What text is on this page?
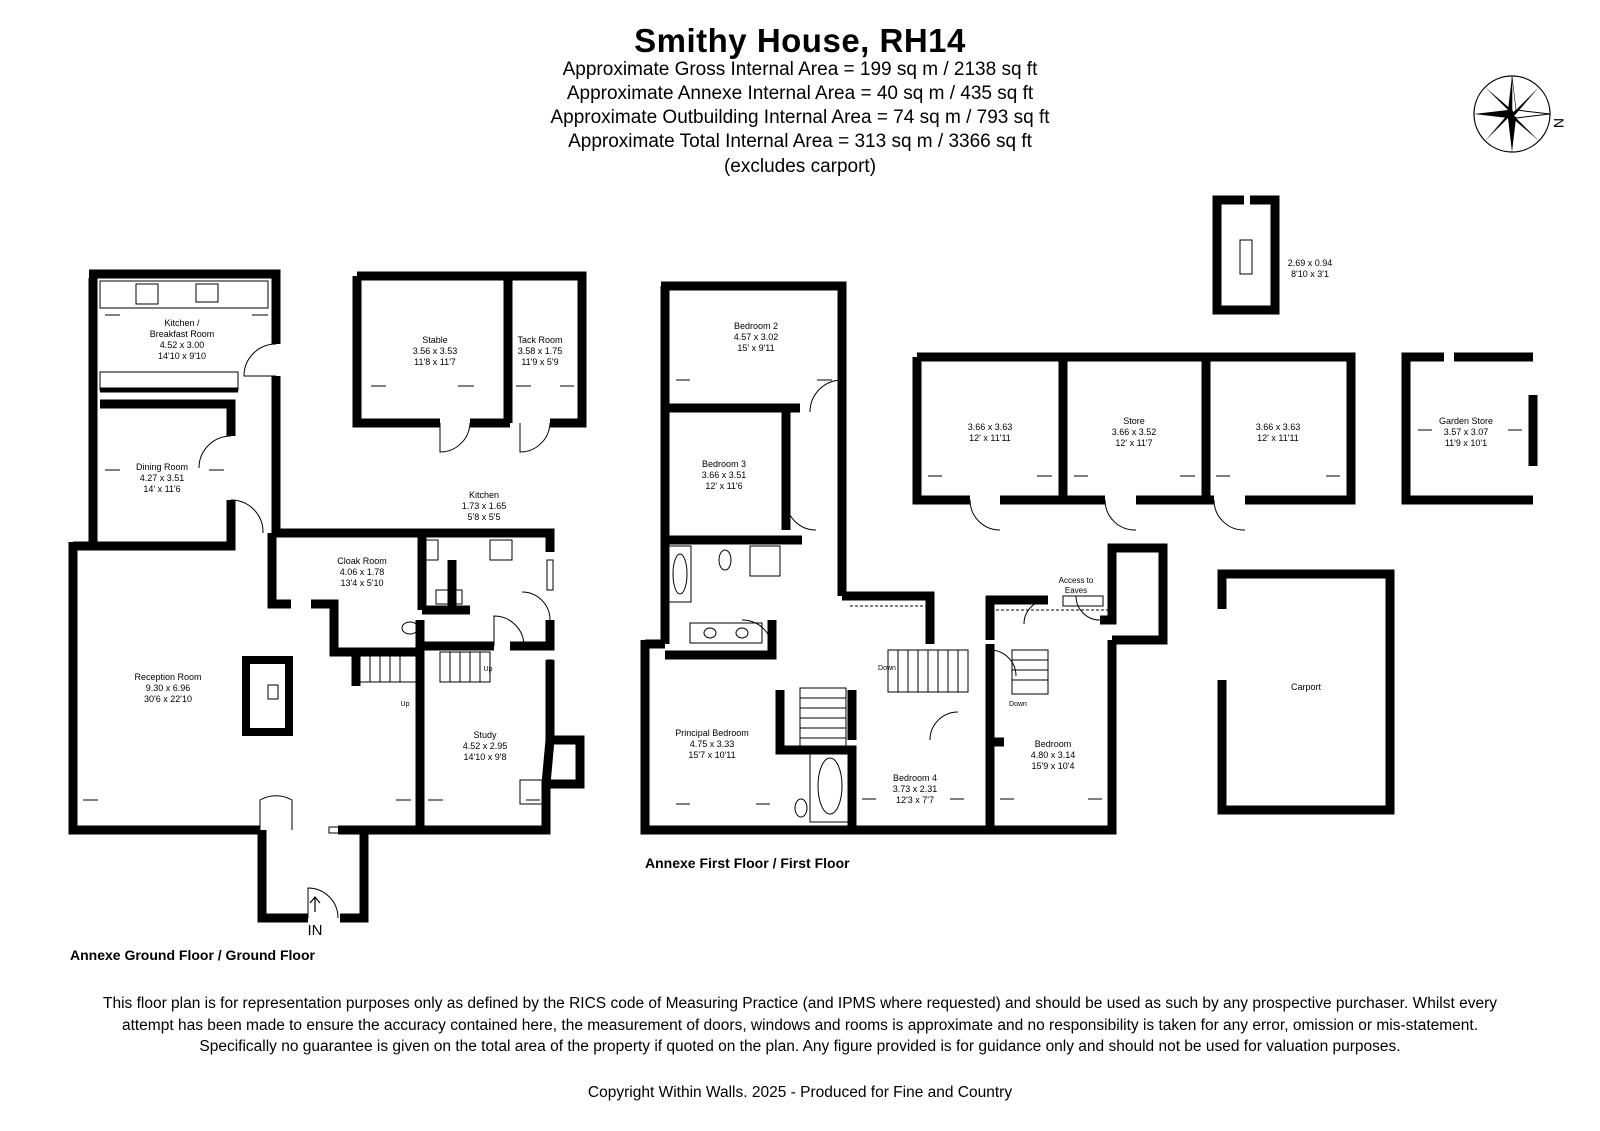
Smithy House, RH14
Approximate Gross Internal Area = 199 sq m / 2138 sq ft
Approximate Annexe Internal Area = 40 sq m / 435 sq ft
Approximate Outbuilding Internal Area = 74 sq m / 793 sq ft
Approximate Total Internal Area = 313 sq m / 3366 sq ft
(excludes carport)
N
Kitchen /
Breakfast Room
4.52 x 3.00
14'10 x 9'10
Dining Room
4.27 x 3.51
14' x 11'6
Reception Room
9.30 x 6.96
30'6 x 22'10
Cloak Room
4.06 x 1.78
13'4 x 5'10
Kitchen
1.73 x 1.65
5'8 x 5'5
Study
4.52 x 2.95
14'10 x 9'8
Stable
3.56 x 3.53
11'8 x 11'7
Tack Room
3.58 x 1.75
11'9 x 5'9
Bedroom 2
4.57 x 3.02
15' x 9'11
Bedroom 3
3.66 x 3.51
12' x 11'6
Principal Bedroom
4.75 x 3.33
15'7 x 10'11
Bedroom 4
3.73 x 2.31
12'3 x 7'7
Bedroom
4.80 x 3.14
15'9 x 10'4
Access to
Eaves
2.69 x 0.94
8'10 x 3'1
3.66 x 3.63
12' x 11'11
Store
3.66 x 3.52
12' x 11'7
3.66 x 3.63
12' x 11'11
Garden Store
3.57 x 3.07
11'9 x 10'1
Carport
Up
Up	Down
Down
IN
Annexe Ground Floor / Ground Floor
Annexe First Floor / First Floor
This floor plan is for representation purposes only as defined by the RICS code of Measuring Practice (and IPMS where requested) and should be used as such by any prospective purchaser. Whilst every attempt has been made to ensure the accuracy contained here, the measurement of doors, windows and rooms is approximate and no responsibility is taken for any error, omission or mis-statement. Specifically no guarantee is given on the total area of the property if quoted on the plan. Any figure provided is for guidance only and should not be used for valuation purposes.
Copyright Within Walls. 2025 - Produced for Fine and Country
